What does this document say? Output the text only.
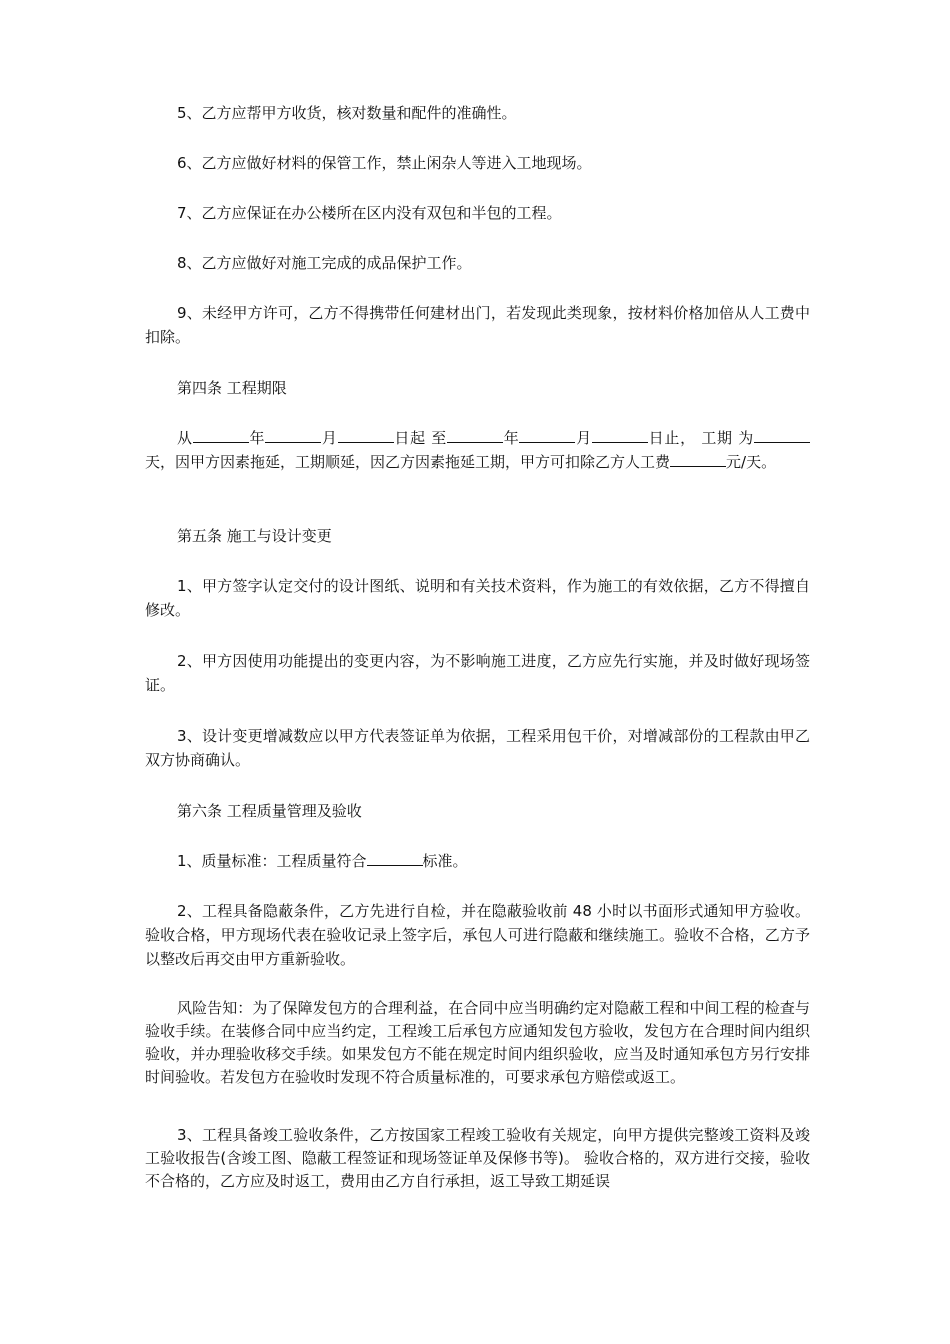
5、乙方应帮甲方收货，核对数量和配件的准确性。

6、乙方应做好材料的保管工作，禁止闲杂人等进入工地现场。

7、乙方应保证在办公楼所在区内没有双包和半包的工程。

8、乙方应做好对施工完成的成品保护工作。

9、未经甲方许可，乙方不得携带任何建材出门，若发现此类现象，按材料价格加倍从人工费中扣除。

第四条 工程期限

从	年	月	日起 至	年	月	日止， 工期 为天，因甲方因素拖延，工期顺延，因乙方因素拖延工期，甲方可扣除乙方人工费	元/天。

第五条 施工与设计变更

1、甲方签字认定交付的设计图纸、说明和有关技术资料，作为施工的有效依据，乙方不得擅自修改。

2、甲方因使用功能提出的变更内容，为不影响施工进度，乙方应先行实施，并及时做好现场签证。

3、设计变更增减数应以甲方代表签证单为依据，工程采用包干价，对增减部份的工程款由甲乙双方协商确认。

第六条 工程质量管理及验收

1、质量标准：工程质量符合	标准。

2、工程具备隐蔽条件，乙方先进行自检，并在隐蔽验收前 48 小时以书面形式通知甲方验收。验收合格，甲方现场代表在验收记录上签字后，承包人可进行隐蔽和继续施工。验收不合格，乙方予以整改后再交由甲方重新验收。

风险告知：为了保障发包方的合理利益，在合同中应当明确约定对隐蔽工程和中间工程的检查与验收手续。在装修合同中应当约定，工程竣工后承包方应通知发包方验收，发包方在合理时间内组织验收，并办理验收移交手续。如果发包方不能在规定时间内组织验收，应当及时通知承包方另行安排时间验收。若发包方在验收时发现不符合质量标准的，可要求承包方赔偿或返工。

3、工程具备竣工验收条件，乙方按国家工程竣工验收有关规定，向甲方提供完整竣工资料及竣工验收报告(含竣工图、隐蔽工程签证和现场签证单及保修书等)。 验收合格的，双方进行交接，验收不合格的，乙方应及时返工，费用由乙方自行承担，返工导致工期延误
